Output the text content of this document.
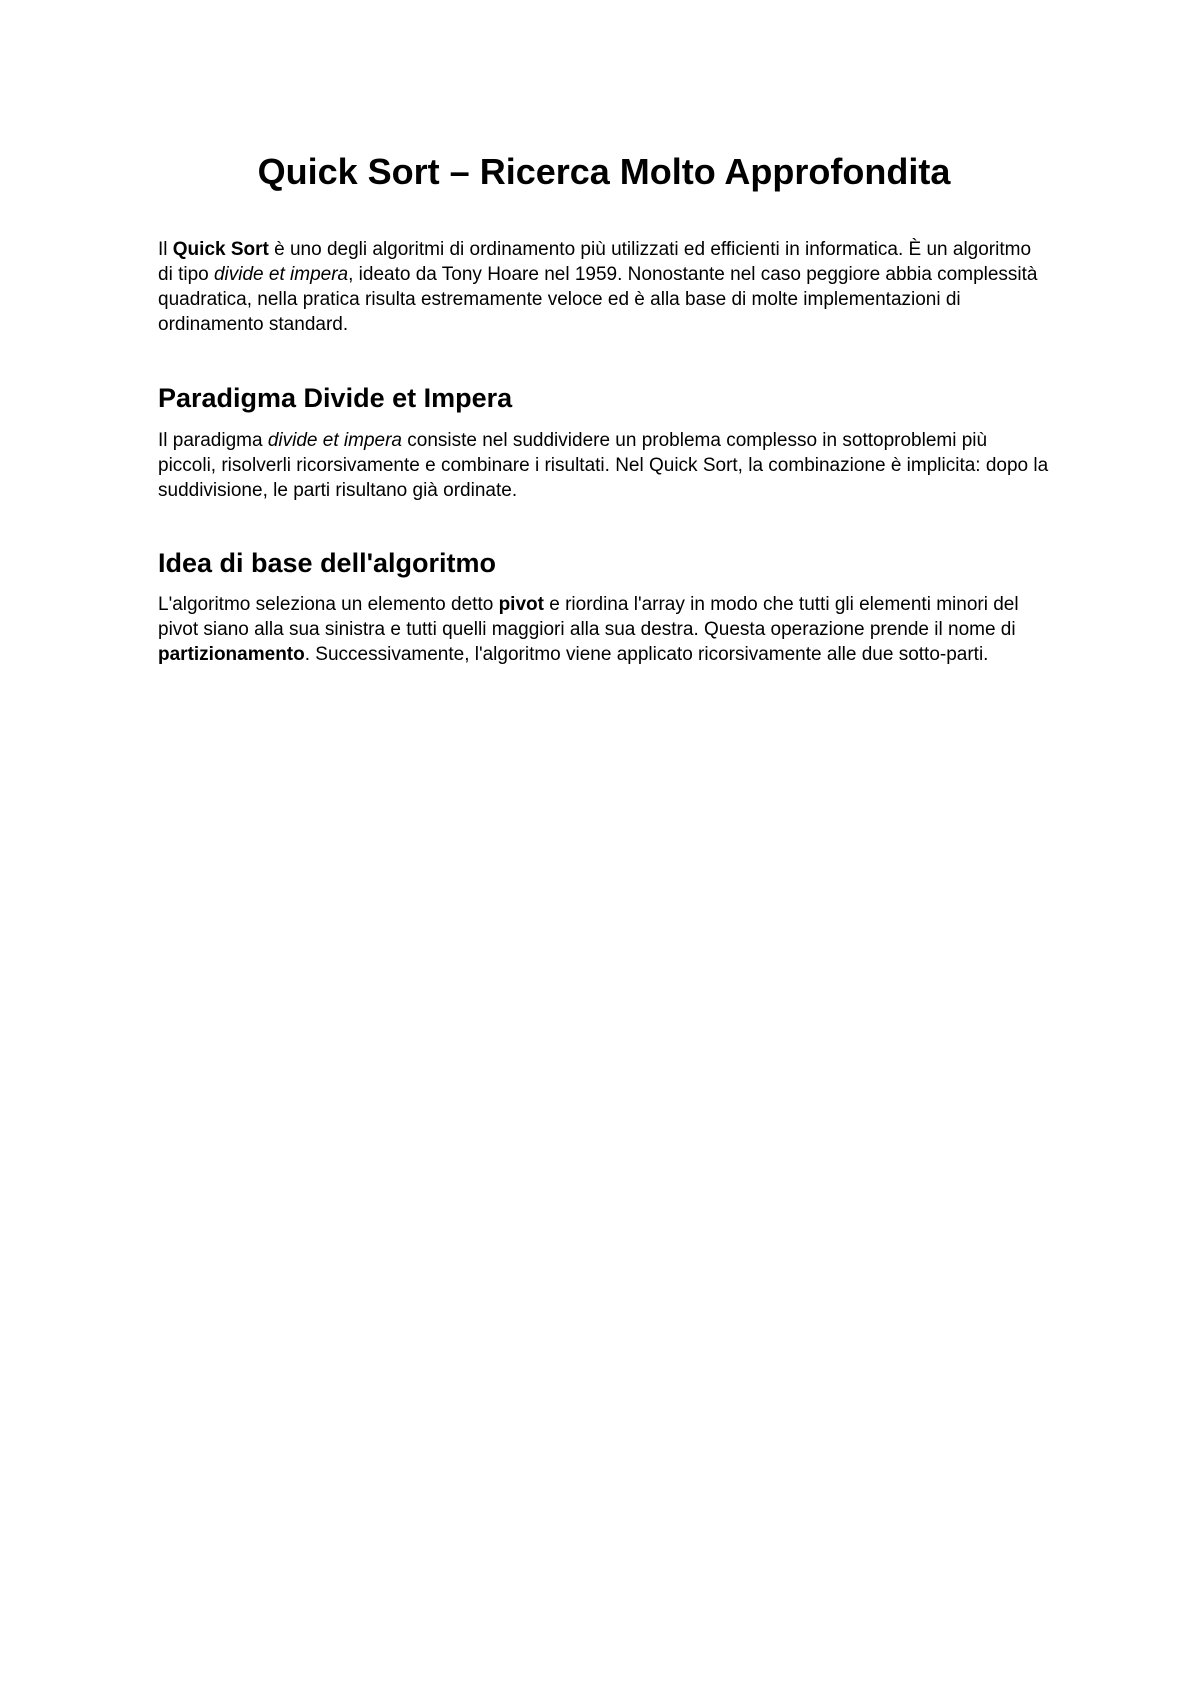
Quick Sort – Ricerca Molto Approfondita

Il Quick Sort è uno degli algoritmi di ordinamento più utilizzati ed efficienti in informatica. È un algoritmo di tipo divide et impera, ideato da Tony Hoare nel 1959. Nonostante nel caso peggiore abbia complessità quadratica, nella pratica risulta estremamente veloce ed è alla base di molte implementazioni di ordinamento standard.

Paradigma Divide et Impera

Il paradigma divide et impera consiste nel suddividere un problema complesso in sottoproblemi più piccoli, risolverli ricorsivamente e combinare i risultati. Nel Quick Sort, la combinazione è implicita: dopo la suddivisione, le parti risultano già ordinate.

Idea di base dell'algoritmo

L'algoritmo seleziona un elemento detto pivot e riordina l'array in modo che tutti gli elementi minori del pivot siano alla sua sinistra e tutti quelli maggiori alla sua destra. Questa operazione prende il nome di partizionamento. Successivamente, l'algoritmo viene applicato ricorsivamente alle due sotto-parti.
